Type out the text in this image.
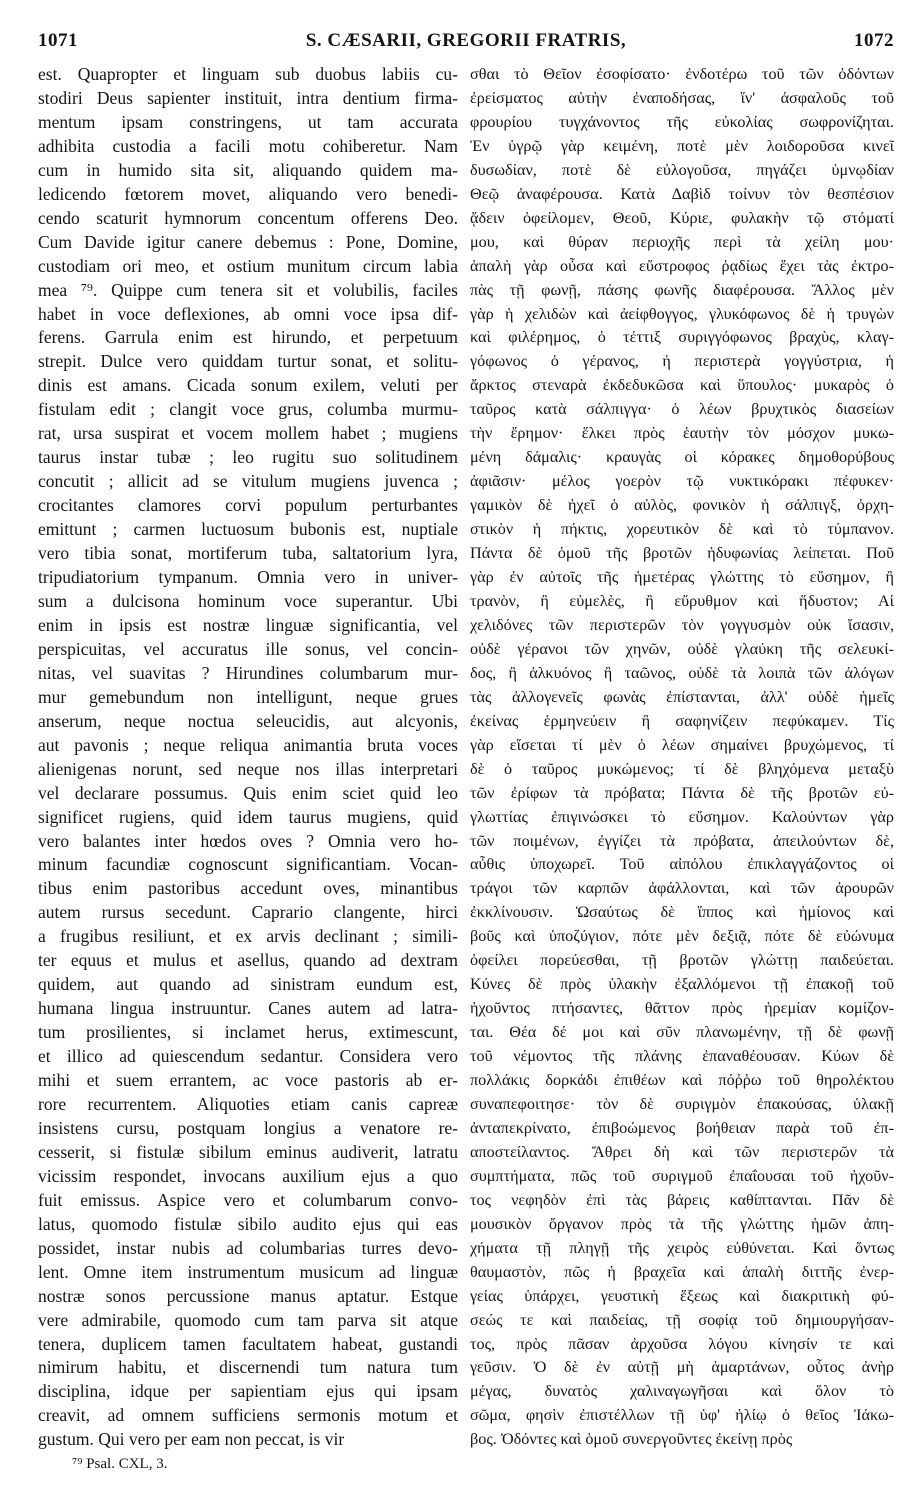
1071	S. CÆSARII, GREGORII FRATRIS,	1072
est. Quapropter et linguam sub duobus labiis cu-
stodiri Deus sapienter instituit, intra dentium firma-
mentum ipsam constringens, ut tam accurata
adhibita custodia a facili motu cohiberetur. Nam
cum in humido sita sit, aliquando quidem ma-
ledicendo fœtorem movet, aliquando vero benedi-
cendo scaturit hymnorum concentum offerens Deo.
Cum Davide igitur canere debemus : Pone, Domine,
custodiam ori meo, et ostium munitum circum labia
mea ⁷⁹. Quippe cum tenera sit et volubilis, faciles
habet in voce deflexiones, ab omni voce ipsa dif-
ferens. Garrula enim est hirundo, et perpetuum
strepit. Dulce vero quiddam turtur sonat, et solitu-
dinis est amans. Cicada sonum exilem, veluti per
fistulam edit ; clangit voce grus, columba murmu-
rat, ursa suspirat et vocem mollem habet ; mugiens
taurus instar tubæ ; leo rugitu suo solitudinem
concutit ; allicit ad se vitulum mugiens juvenca ;
crocitantes clamores corvi populum perturbantes
emittunt ; carmen luctuosum bubonis est, nuptiale
vero tibia sonat, mortiferum tuba, saltatorium lyra,
tripudiatorium tympanum. Omnia vero in univer-
sum a dulcisona hominum voce superantur. Ubi
enim in ipsis est nostræ linguæ significantia, vel
perspicuitas, vel accuratus ille sonus, vel concin-
nitas, vel suavitas ? Hirundines columbarum mur-
mur gemebundum non intelligunt, neque grues
anserum, neque noctua seleucidis, aut alcyonis,
aut pavonis ; neque reliqua animantia bruta voces
alienigenas norunt, sed neque nos illas interpretari
vel declarare possumus. Quis enim sciet quid leo
significet rugiens, quid idem taurus mugiens, quid
vero balantes inter hœdos oves ? Omnia vero ho-
minum facundiæ cognoscunt significantiam. Vocan-
tibus enim pastoribus accedunt oves, minantibus
autem rursus secedunt. Caprario clangente, hirci
a frugibus resiliunt, et ex arvis declinant ; simili-
ter equus et mulus et asellus, quando ad dextram
quidem, aut quando ad sinistram eundum est,
humana lingua instruuntur. Canes autem ad latra-
tum prosilientes, si inclamet herus, extimescunt,
et illico ad quiescendum sedantur. Considera vero
mihi et suem errantem, ac voce pastoris ab er-
rore recurrentem. Aliquoties etiam canis capreæ
insistens cursu, postquam longius a venatore re-
cesserit, si fistulæ sibilum eminus audiverit, latratu
vicissim respondet, invocans auxilium ejus a quo
fuit emissus. Aspice vero et columbarum convo-
latus, quomodo fistulæ sibilo audito ejus qui eas
possidet, instar nubis ad columbarias turres devo-
lent. Omne item instrumentum musicum ad linguæ
nostræ sonos percussione manus aptatur. Estque
vere admirabile, quomodo cum tam parva sit atque
tenera, duplicem tamen facultatem habeat, gustandi
nimirum habitu, et discernendi tum natura tum
disciplina, idque per sapientiam ejus qui ipsam
creavit, ad omnem sufficiens sermonis motum et
gustum. Qui vero per eam non peccat, is vir
σθαι τὸ Θεῖον ἐσοφίσατο· ἐνδοτέρω τοῦ τῶν ὀδόντων
ἐρείσματος αὐτὴν ἐναποδήσας, ἵν' ἀσφαλοῦς τοῦ
φρουρίου τυγχάνοντος τῆς εὐκολίας σωφρονίζηται.
Ἐν ὑγρῷ γὰρ κειμένη, ποτὲ μὲν λοιδοροῦσα κινεῖ
δυσωδίαν, ποτὲ δὲ εὐλογοῦσα, πηγάζει ὑμνῳδίαν
Θεῷ ἀναφέρουσα. Κατὰ Δαβὶδ τοίνυν τὸν θεσπέσιον
ᾄδειν ὀφείλομεν, Θεοῦ, Κύριε, φυλακὴν τῷ στόματί
μου, καὶ θύραν περιοχῆς περὶ τὰ χείλη μου·
ἁπαλὴ γὰρ οὖσα καὶ εὔστροφος ῥᾳδίως ἔχει τὰς ἐκτρο-
πὰς τῇ φωνῇ, πάσης φωνῆς διαφέρουσα. Ἄλλος μὲν
γὰρ ἡ χελιδὼν καὶ ἀείφθογγος, γλυκόφωνος δὲ ἡ τρυγὼν
καὶ φιλέρημος, ὁ τέττιξ συριγγόφωνος βραχὺς, κλαγ-
γόφωνος ὁ γέρανος, ἡ περιστερὰ γογγύστρια, ἡ
ἄρκτος στεναρὰ ἐκδεδυκῶσα καὶ ὕπουλος· μυκαρὸς ὁ
ταῦρος κατὰ σάλπιγγα· ὁ λέων βρυχτικὸς διασείων
τὴν ἔρημον· ἕλκει πρὸς ἑαυτὴν τὸν μόσχον μυκω-
μένη δάμαλις· κραυγὰς οἱ κόρακες δημοθορύβους
ἀφιᾶσιν· μέλος γοερὸν τῷ νυκτικόρακι πέφυκεν·
γαμικὸν δὲ ἠχεῖ ὁ αὐλὸς, φονικὸν ἡ σάλπιγξ, ὀρχη-
στικὸν ἡ πήκτις, χορευτικὸν δὲ καὶ τὸ τύμπανον.
Πάντα δὲ ὁμοῦ τῆς βροτῶν ἡδυφωνίας λείπεται. Ποῦ
γὰρ ἐν αὐτοῖς τῆς ἡμετέρας γλώττης τὸ εὔσημον, ἢ
τρανὸν, ἢ εὐμελὲς, ἢ εὔρυθμον καὶ ἥδυστον; Αἱ
χελιδόνες τῶν περιστερῶν τὸν γογγυσμὸν οὐκ ἴσασιν,
οὐδὲ γέρανοι τῶν χηνῶν, οὐδὲ γλαύκη τῆς σελευκί-
δος, ἢ ἀλκυόνος ἢ ταῶνος, οὐδὲ τὰ λοιπὰ τῶν ἀλόγων
τὰς ἀλλογενεῖς φωνὰς ἐπίστανται, ἀλλ' οὐδὲ ἡμεῖς
ἐκείνας ἑρμηνεύειν ἢ σαφηνίζειν πεφύκαμεν. Τίς
γὰρ εἴσεται τί μὲν ὁ λέων σημαίνει βρυχώμενος, τί
δὲ ὁ ταῦρος μυκώμενος; τί δὲ βληχόμενα μεταξὺ
τῶν ἐρίφων τὰ πρόβατα; Πάντα δὲ τῆς βροτῶν εὐ-
γλωττίας ἐπιγινώσκει τὸ εὔσημον. Καλούντων γὰρ
τῶν ποιμένων, ἐγγίζει τὰ πρόβατα, ἀπειλούντων δὲ,
αὖθις ὑποχωρεῖ. Τοῦ αἰπόλου ἐπικλαγγάζοντος οἱ
τράγοι τῶν καρπῶν ἀφάλλονται, καὶ τῶν ἀρουρῶν
ἐκκλίνουσιν. Ὡσαύτως δὲ ἵππος καὶ ἡμίονος καὶ
βοῦς καὶ ὑποζύγιον, πότε μὲν δεξιᾷ, πότε δὲ εὐώνυμα
ὀφείλει πορεύεσθαι, τῇ βροτῶν γλώττῃ παιδεύεται.
Κύνες δὲ πρὸς ὑλακὴν ἐξαλλόμενοι τῇ ἐπακοῇ τοῦ
ἠχοῦντος πτήσαντες, θᾶττον πρὸς ἠρεμίαν κομίζον-
ται. Θέα δέ μοι καὶ σῦν πλανωμένην, τῇ δὲ φωνῇ
τοῦ νέμοντος τῆς πλάνης ἐπαναθέουσαν. Κύων δὲ
πολλάκις δορκάδι ἐπιθέων καὶ πόῤῥω τοῦ θηρολέκτου
συναπεφοιτησε· τὸν δὲ συριγμὸν ἐπακούσας, ὑλακῇ
ἀνταπεκρίνατο, ἐπιβοώμενος βοήθειαν παρὰ τοῦ ἐπ-
αποστείλαντος. Ἄθρει δὴ καὶ τῶν περιστερῶν τὰ
συμπτήματα, πῶς τοῦ συριγμοῦ ἐπαΐουσαι τοῦ ἠχοῦν-
τος νεφηδὸν ἐπὶ τὰς βάρεις καθίπτανται. Πᾶν δὲ
μουσικὸν ὄργανον πρὸς τὰ τῆς γλώττης ἡμῶν ἀπη-
χήματα τῇ πληγῇ τῆς χειρὸς εὐθύνεται. Καὶ ὄντως
θαυμαστὸν, πῶς ἡ βραχεῖα καὶ ἁπαλὴ διττῆς ἐνερ-
γείας ὑπάρχει, γευστικὴ ἕξεως καὶ διακριτικὴ φύ-
σεώς τε καὶ παιδείας, τῇ σοφίᾳ τοῦ δημιουργήσαν-
τος, πρὸς πᾶσαν ἀρχοῦσα λόγου κίνησίν τε καὶ
γεῦσιν. Ὁ δὲ ἐν αὐτῇ μὴ ἁμαρτάνων, οὗτος ἀνὴρ
μέγας, δυνατὸς χαλιναγωγῆσαι καὶ ὅλον τὸ
σῶμα, φησὶν ἐπιστέλλων τῇ ὑφ' ἡλίῳ ὁ θεῖος Ἰάκω-
βος. Ὀδόντες καὶ ὁμοῦ συνεργοῦντες ἐκείνῃ πρὸς
⁷⁹ Psal. CXL, 3.
